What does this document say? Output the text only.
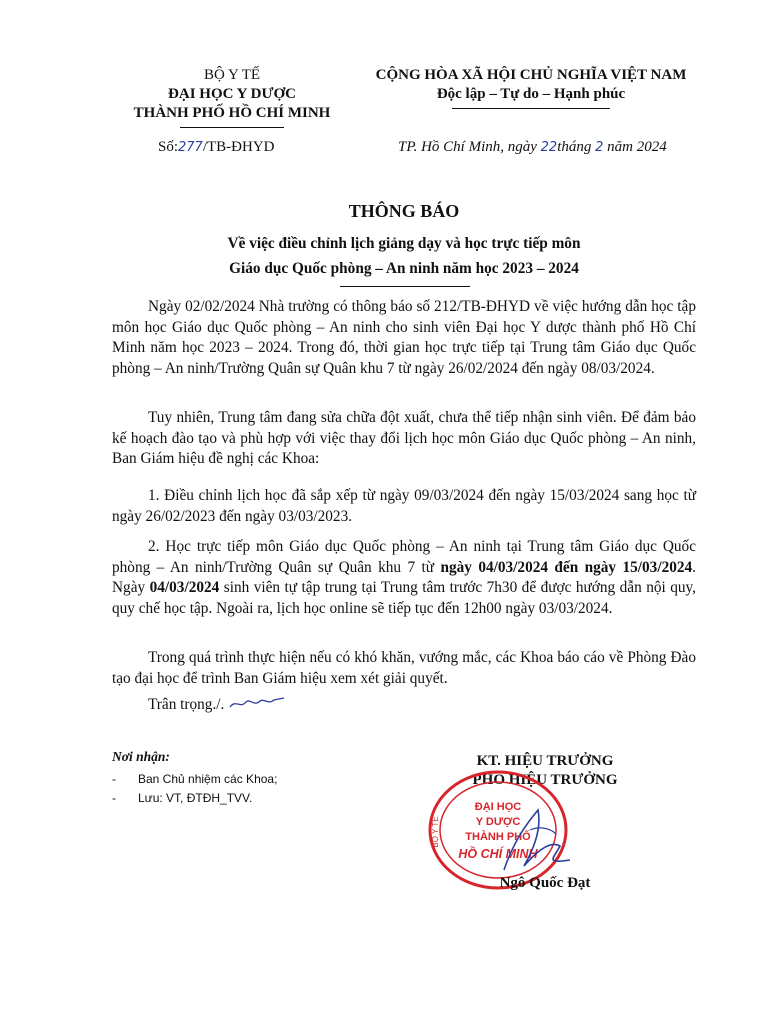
BỘ Y TẾ
ĐẠI HỌC Y DƯỢC
THÀNH PHỐ HỒ CHÍ MINH
Số:277/TB-ĐHYD
CỘNG HÒA XÃ HỘI CHỦ NGHĨA VIỆT NAM
Độc lập – Tự do – Hạnh phúc
TP. Hồ Chí Minh, ngày 22tháng 2 năm 2024
THÔNG BÁO
Về việc điều chỉnh lịch giảng dạy và học trực tiếp môn
Giáo dục Quốc phòng – An ninh năm học 2023 – 2024

Ngày 02/02/2024 Nhà trường có thông báo số 212/TB-ĐHYD về việc hướng dẫn học tập môn học Giáo dục Quốc phòng – An ninh cho sinh viên Đại học Y dược thành phố Hồ Chí Minh năm học 2023 – 2024. Trong đó, thời gian học trực tiếp tại Trung tâm Giáo dục Quốc phòng – An ninh/Trường Quân sự Quân khu 7 từ ngày 26/02/2024 đến ngày 08/03/2024.

Tuy nhiên, Trung tâm đang sửa chữa đột xuất, chưa thể tiếp nhận sinh viên. Để đảm bảo kế hoạch đào tạo và phù hợp với việc thay đổi lịch học môn Giáo dục Quốc phòng – An ninh, Ban Giám hiệu đề nghị các Khoa:

1. Điều chỉnh lịch học đã sắp xếp từ ngày 09/03/2024 đến ngày 15/03/2024 sang học từ ngày 26/02/2023 đến ngày 03/03/2023.

2. Học trực tiếp môn Giáo dục Quốc phòng – An ninh tại Trung tâm Giáo dục Quốc phòng – An ninh/Trường Quân sự Quân khu 7 từ ngày 04/03/2024 đến ngày 15/03/2024. Ngày 04/03/2024 sinh viên tự tập trung tại Trung tâm trước 7h30 để được hướng dẫn nội quy, quy chế học tập. Ngoài ra, lịch học online sẽ tiếp tục đến 12h00 ngày 03/03/2024.

Trong quá trình thực hiện nếu có khó khăn, vướng mắc, các Khoa báo cáo về Phòng Đào tạo đại học để trình Ban Giám hiệu xem xét giải quyết.

Trân trọng./.

Nơi nhận:
- Ban Chủ nhiệm các Khoa;
- Lưu: VT, ĐTĐH_TVV.
KT. HIỆU TRƯỞNG
PHÓ HIỆU TRƯỞNG
ĐẠI HỌC
Y DƯỢC
THÀNH PHỐ
HỒ CHÍ MINH
BỘ Y TẾ
Ngô Quốc Đạt
